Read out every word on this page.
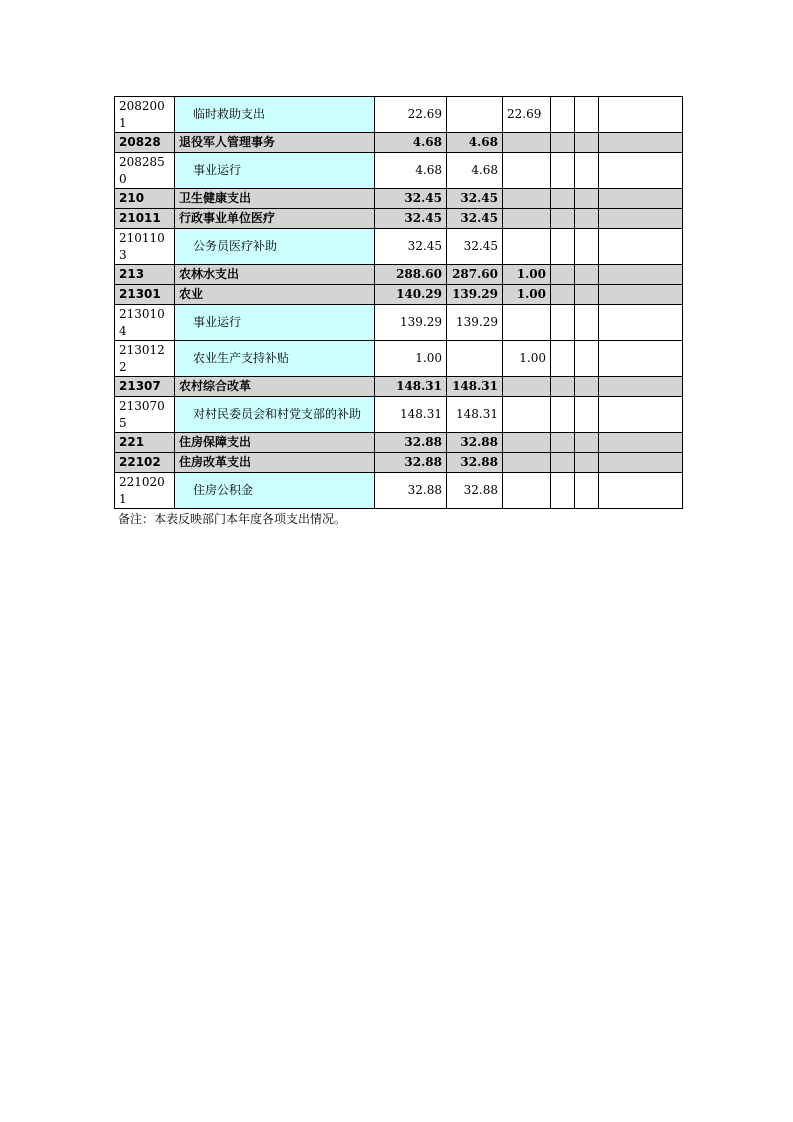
2082001	临时救助支出	22.69		22.69			
20828	退役军人管理事务	4.68	4.68				
2082850	事业运行	4.68	4.68				
210	卫生健康支出	32.45	32.45				
21011	行政事业单位医疗	32.45	32.45				
2101103	公务员医疗补助	32.45	32.45				
213	农林水支出	288.60	287.60	1.00			
21301	农业	140.29	139.29	1.00			
2130104	事业运行	139.29	139.29				
2130122	农业生产支持补贴	1.00		1.00			
21307	农村综合改革	148.31	148.31				
2130705	对村民委员会和村党支部的补助	148.31	148.31				
221	住房保障支出	32.88	32.88				
22102	住房改革支出	32.88	32.88				
2210201	住房公积金	32.88	32.88				
备注：本表反映部门本年度各项支出情况。
